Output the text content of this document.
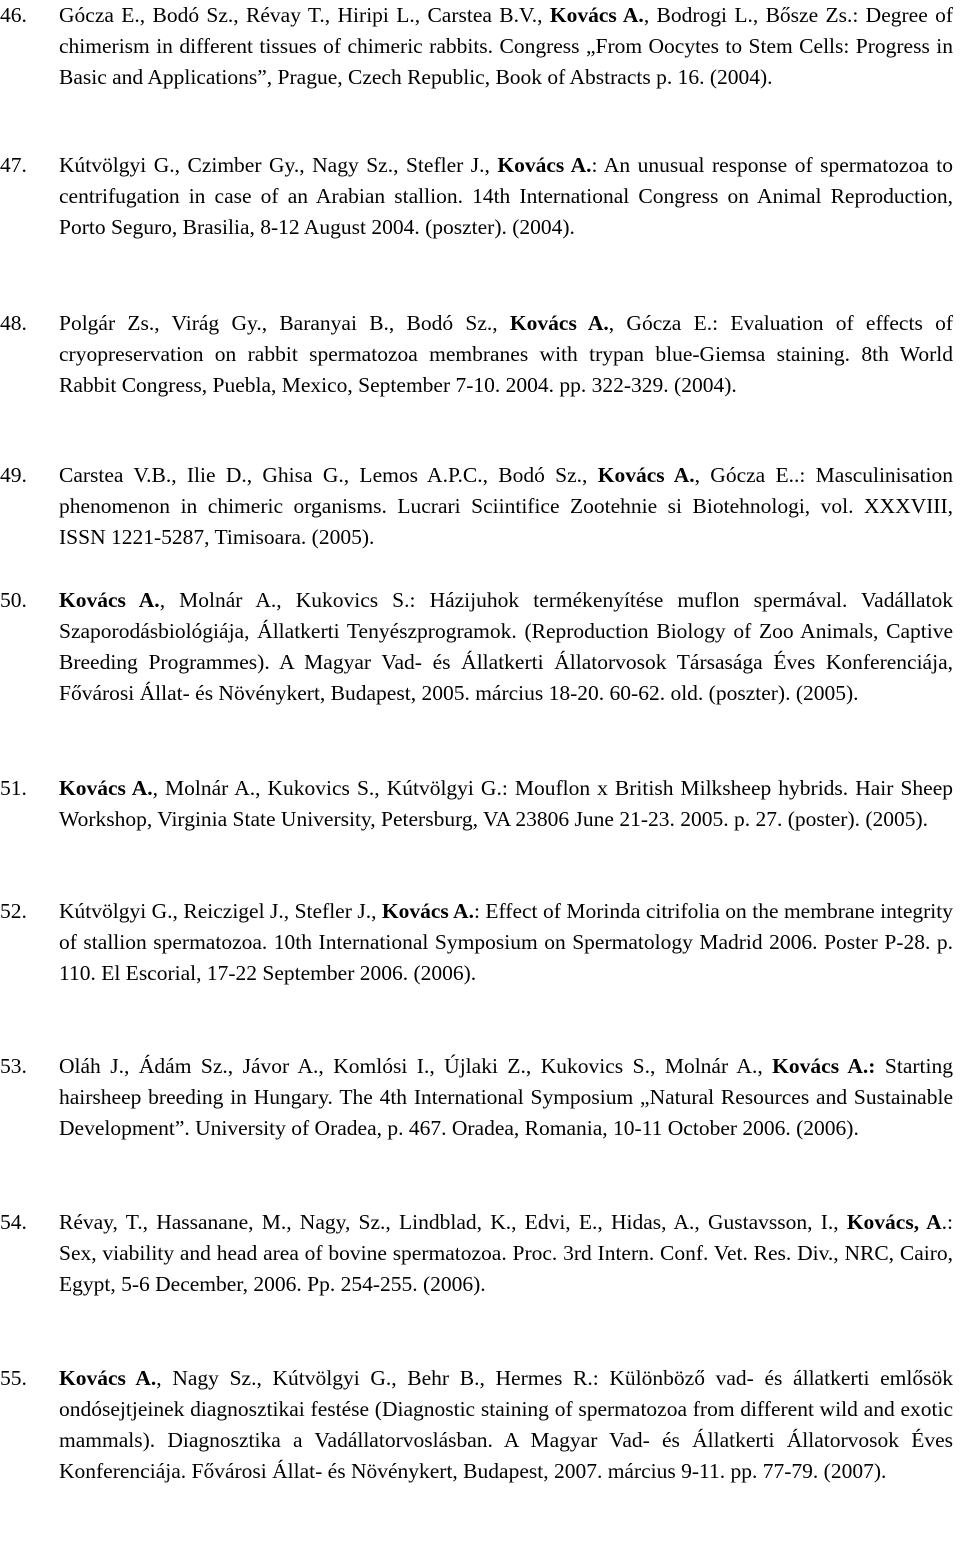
46.	Gócza E., Bodó Sz., Révay T., Hiripi L., Carstea B.V., Kovács A., Bodrogi L., Bősze Zs.: Degree of chimerism in different tissues of chimeric rabbits. Congress „From Oocytes to Stem Cells: Progress in Basic and Applications”, Prague, Czech Republic, Book of Abstracts p. 16. (2004).
47.	Kútvölgyi G., Czimber Gy., Nagy Sz., Stefler J., Kovács A.: An unusual response of spermatozoa to centrifugation in case of an Arabian stallion. 14th International Congress on Animal Reproduction, Porto Seguro, Brasilia, 8-12 August 2004. (poszter). (2004).
48.	Polgár Zs., Virág Gy., Baranyai B., Bodó Sz., Kovács A., Gócza E.: Evaluation of effects of cryopreservation on rabbit spermatozoa membranes with trypan blue-Giemsa staining. 8th World Rabbit Congress, Puebla, Mexico, September 7-10. 2004. pp. 322-329. (2004).
49.	Carstea V.B., Ilie D., Ghisa G., Lemos A.P.C., Bodó Sz., Kovács A., Gócza E..: Masculinisation phenomenon in chimeric organisms. Lucrari Sciintifice Zootehnie si Biotehnologi, vol. XXXVIII, ISSN 1221-5287, Timisoara. (2005).
50.	Kovács A., Molnár A., Kukovics S.: Házijuhok termékenyítése muflon spermával. Vadállatok Szaporodásbiológiája, Állatkerti Tenyészprogramok. (Reproduction Biology of Zoo Animals, Captive Breeding Programmes). A Magyar Vad- és Állatkerti Állatorvosok Társasága Éves Konferenciája, Fővárosi Állat- és Növénykert, Budapest, 2005. március 18-20. 60-62. old. (poszter). (2005).
51.	Kovács A., Molnár A., Kukovics S., Kútvölgyi G.: Mouflon x British Milksheep hybrids. Hair Sheep Workshop, Virginia State University, Petersburg, VA 23806 June 21-23. 2005. p. 27. (poster). (2005).
52.	Kútvölgyi G., Reiczigel J., Stefler J., Kovács A.: Effect of Morinda citrifolia on the membrane integrity of stallion spermatozoa. 10th International Symposium on Spermatology Madrid 2006. Poster P-28. p. 110. El Escorial, 17-22 September 2006. (2006).
53.	Oláh J., Ádám Sz., Jávor A., Komlósi I., Újlaki Z., Kukovics S., Molnár A., Kovács A.: Starting hairsheep breeding in Hungary. The 4th International Symposium „Natural Resources and Sustainable Development”. University of Oradea, p. 467. Oradea, Romania, 10-11 October 2006. (2006).
54.	Révay, T., Hassanane, M., Nagy, Sz., Lindblad, K., Edvi, E., Hidas, A., Gustavsson, I., Kovács, A.: Sex, viability and head area of bovine spermatozoa. Proc. 3rd Intern. Conf. Vet. Res. Div., NRC, Cairo, Egypt, 5-6 December, 2006. Pp. 254-255. (2006).
55.	Kovács A., Nagy Sz., Kútvölgyi G., Behr B., Hermes R.: Különböző vad- és állatkerti emlősök ondósejtjeinek diagnosztikai festése (Diagnostic staining of spermatozoa from different wild and exotic mammals). Diagnosztika a Vadállatorvoslásban. A Magyar Vad- és Állatkerti Állatorvosok Éves Konferenciája. Fővárosi Állat- és Növénykert, Budapest, 2007. március 9-11. pp. 77-79. (2007).
